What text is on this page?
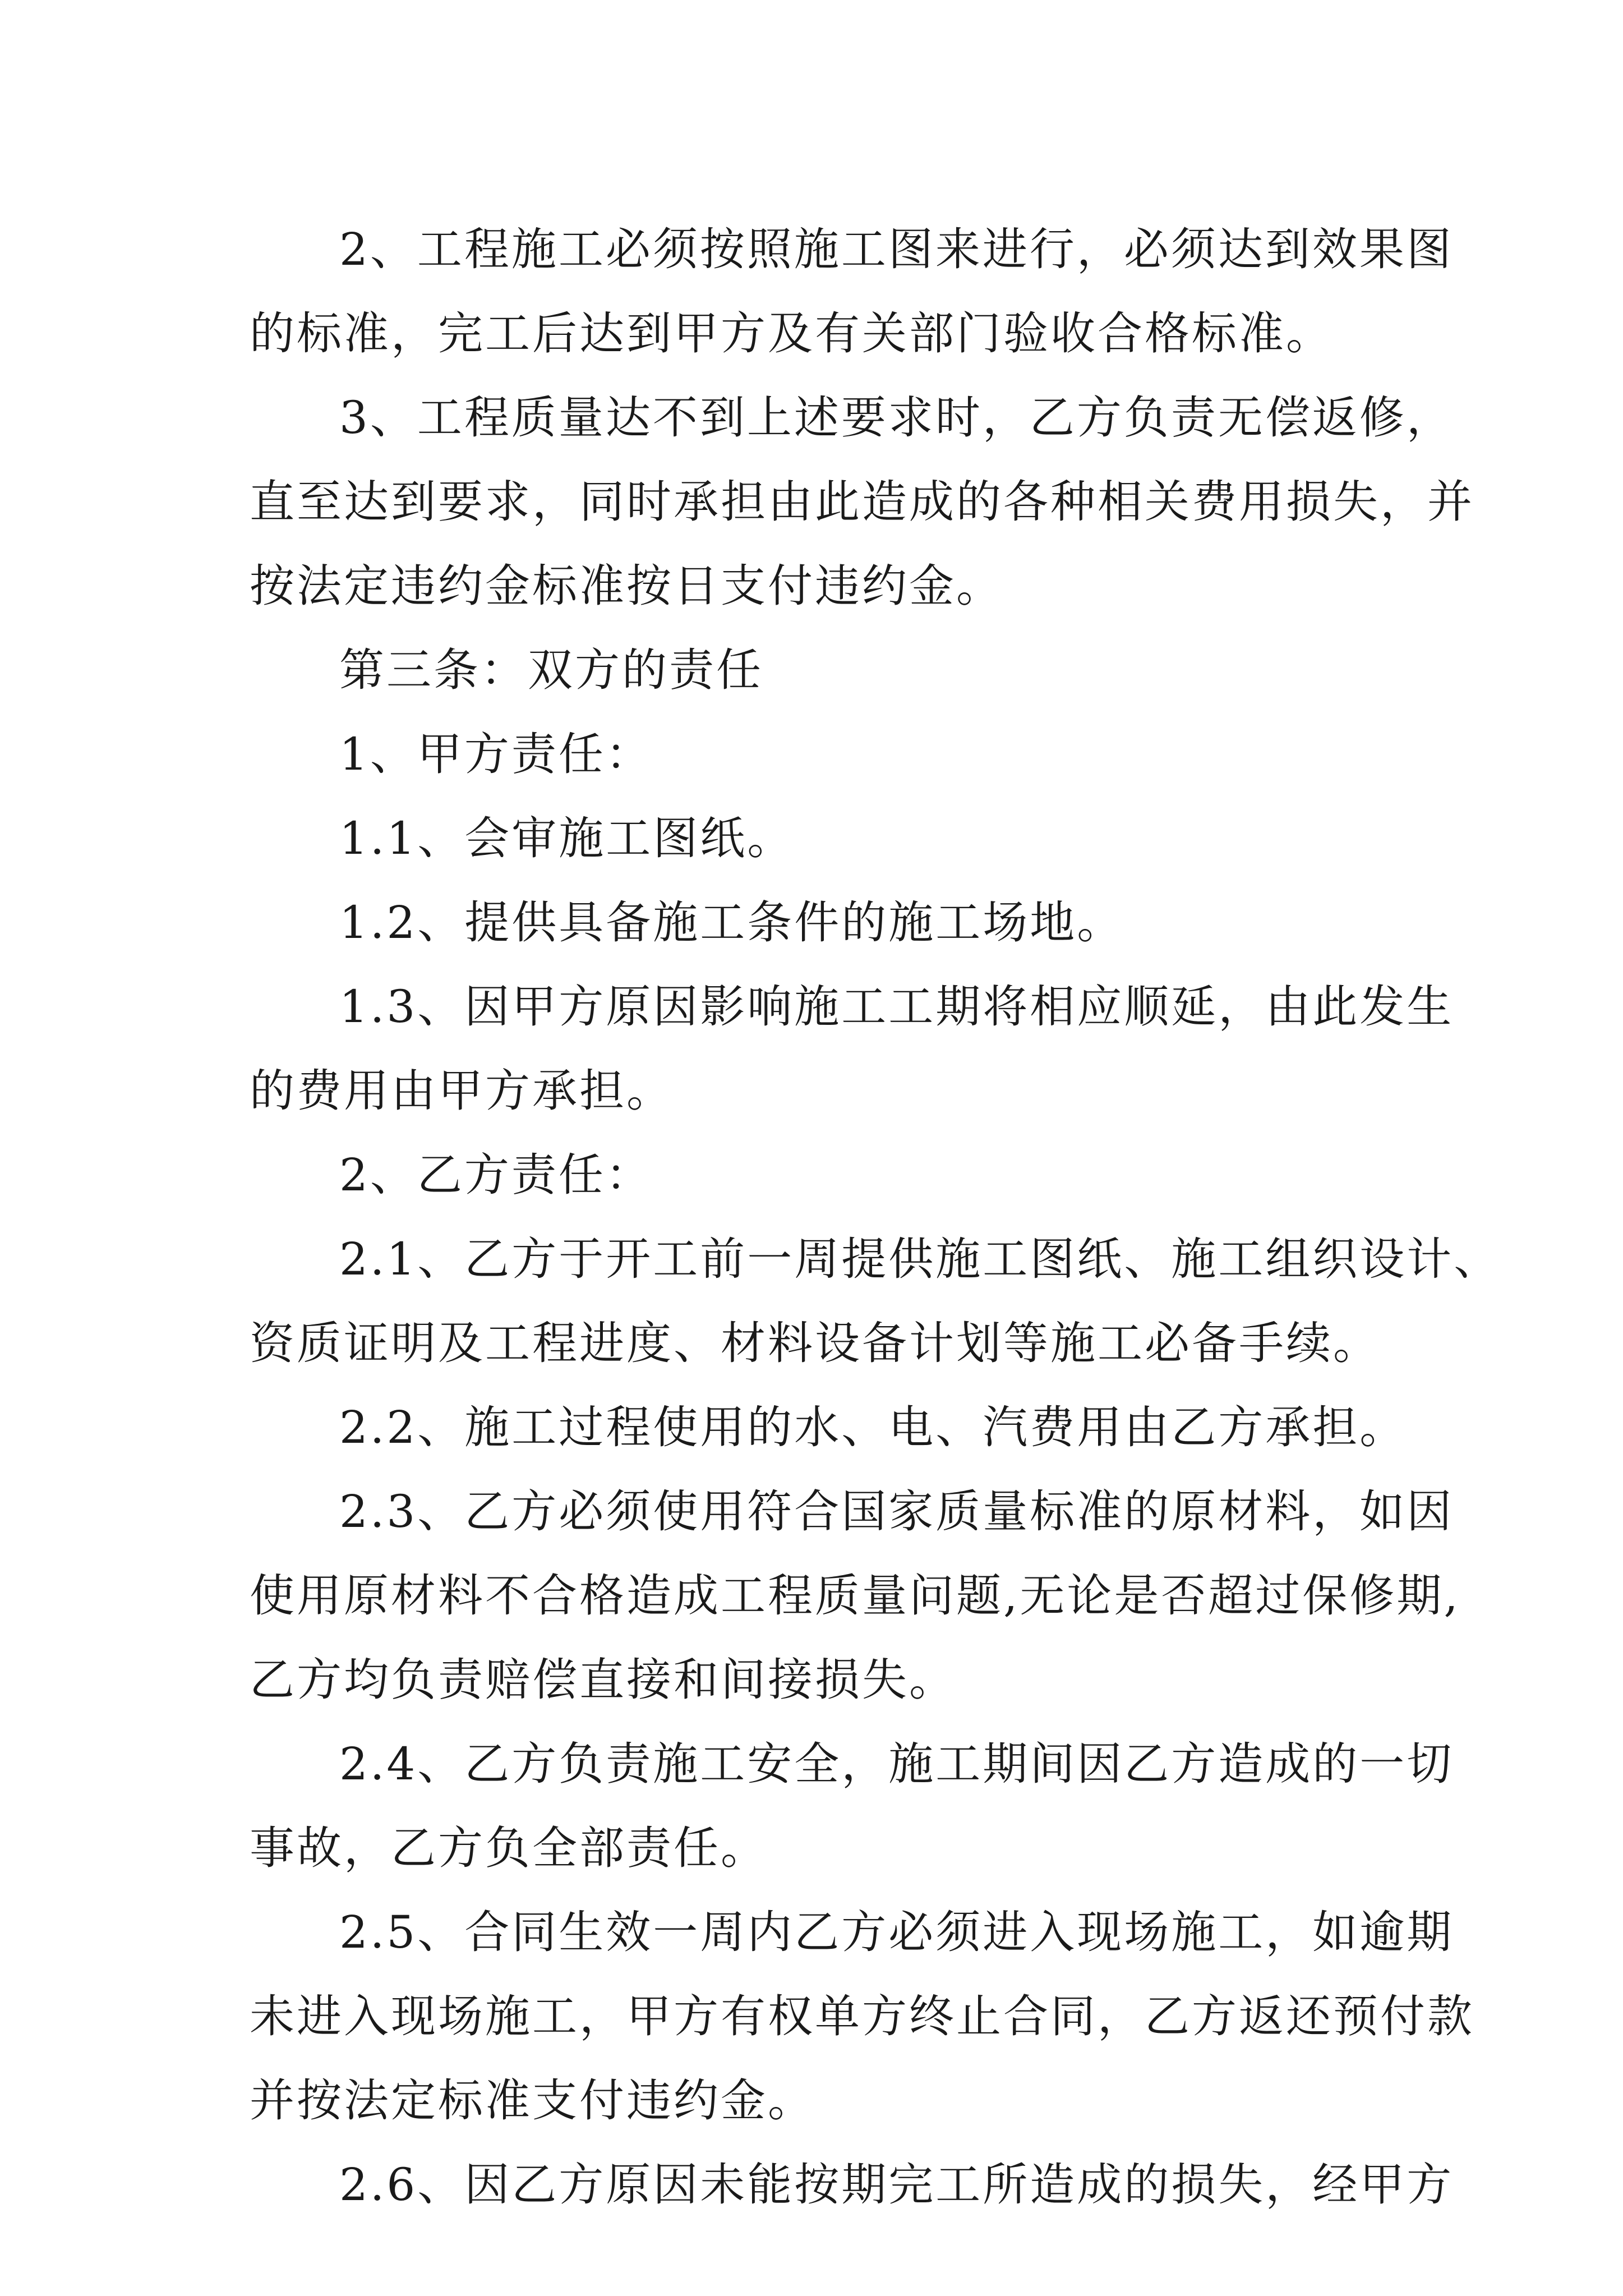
2、工程施工必须按照施工图来进行，必须达到效果图
的标准，完工后达到甲方及有关部门验收合格标准。
3、工程质量达不到上述要求时，乙方负责无偿返修，
直至达到要求，同时承担由此造成的各种相关费用损失，并
按法定违约金标准按日支付违约金。
第三条：双方的责任
1、甲方责任：
1.1、会审施工图纸。
1.2、提供具备施工条件的施工场地。
1.3、因甲方原因影响施工工期将相应顺延，由此发生
的费用由甲方承担。
2、乙方责任：
2.1、乙方于开工前一周提供施工图纸、施工组织设计、
资质证明及工程进度、材料设备计划等施工必备手续。
2.2、施工过程使用的水、电、汽费用由乙方承担。
2.3、乙方必须使用符合国家质量标准的原材料，如因
使用原材料不合格造成工程质量问题,无论是否超过保修期,
乙方均负责赔偿直接和间接损失。
2.4、乙方负责施工安全，施工期间因乙方造成的一切
事故，乙方负全部责任。
2.5、合同生效一周内乙方必须进入现场施工，如逾期
未进入现场施工，甲方有权单方终止合同，乙方返还预付款
并按法定标准支付违约金。
2.6、因乙方原因未能按期完工所造成的损失，经甲方
